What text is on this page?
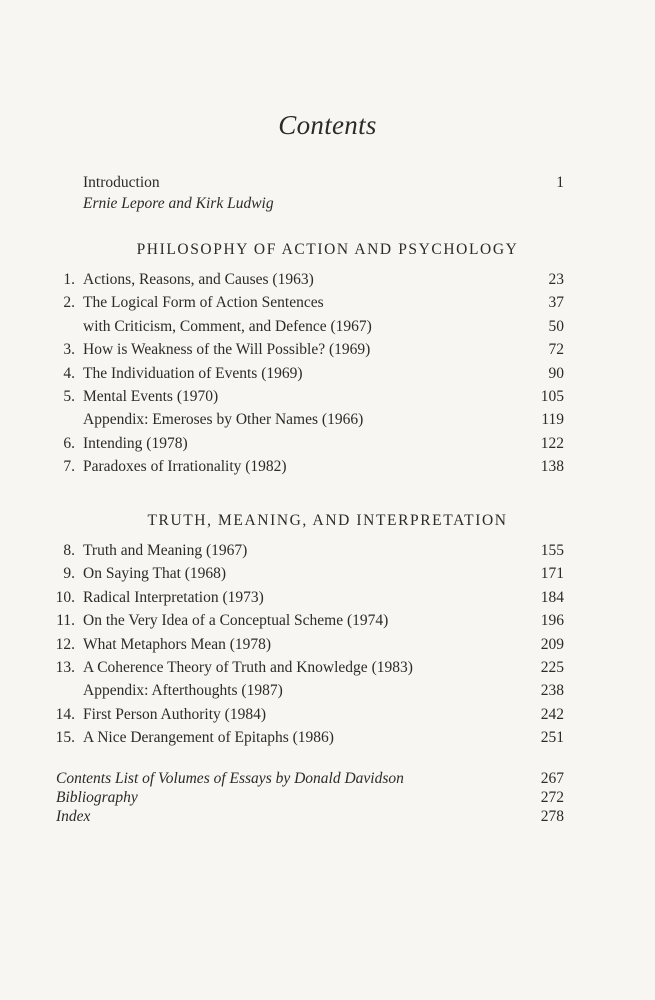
Contents
Introduction	1
Ernie Lepore and Kirk Ludwig
PHILOSOPHY OF ACTION AND PSYCHOLOGY
1. Actions, Reasons, and Causes (1963)	23
2. The Logical Form of Action Sentences	37
with Criticism, Comment, and Defence (1967)	50
3. How is Weakness of the Will Possible? (1969)	72
4. The Individuation of Events (1969)	90
5. Mental Events (1970)	105
Appendix: Emeroses by Other Names (1966)	119
6. Intending (1978)	122
7. Paradoxes of Irrationality (1982)	138
TRUTH, MEANING, AND INTERPRETATION
8. Truth and Meaning (1967)	155
9. On Saying That (1968)	171
10. Radical Interpretation (1973)	184
11. On the Very Idea of a Conceptual Scheme (1974)	196
12. What Metaphors Mean (1978)	209
13. A Coherence Theory of Truth and Knowledge (1983)	225
Appendix: Afterthoughts (1987)	238
14. First Person Authority (1984)	242
15. A Nice Derangement of Epitaphs (1986)	251
Contents List of Volumes of Essays by Donald Davidson	267
Bibliography	272
Index	278
